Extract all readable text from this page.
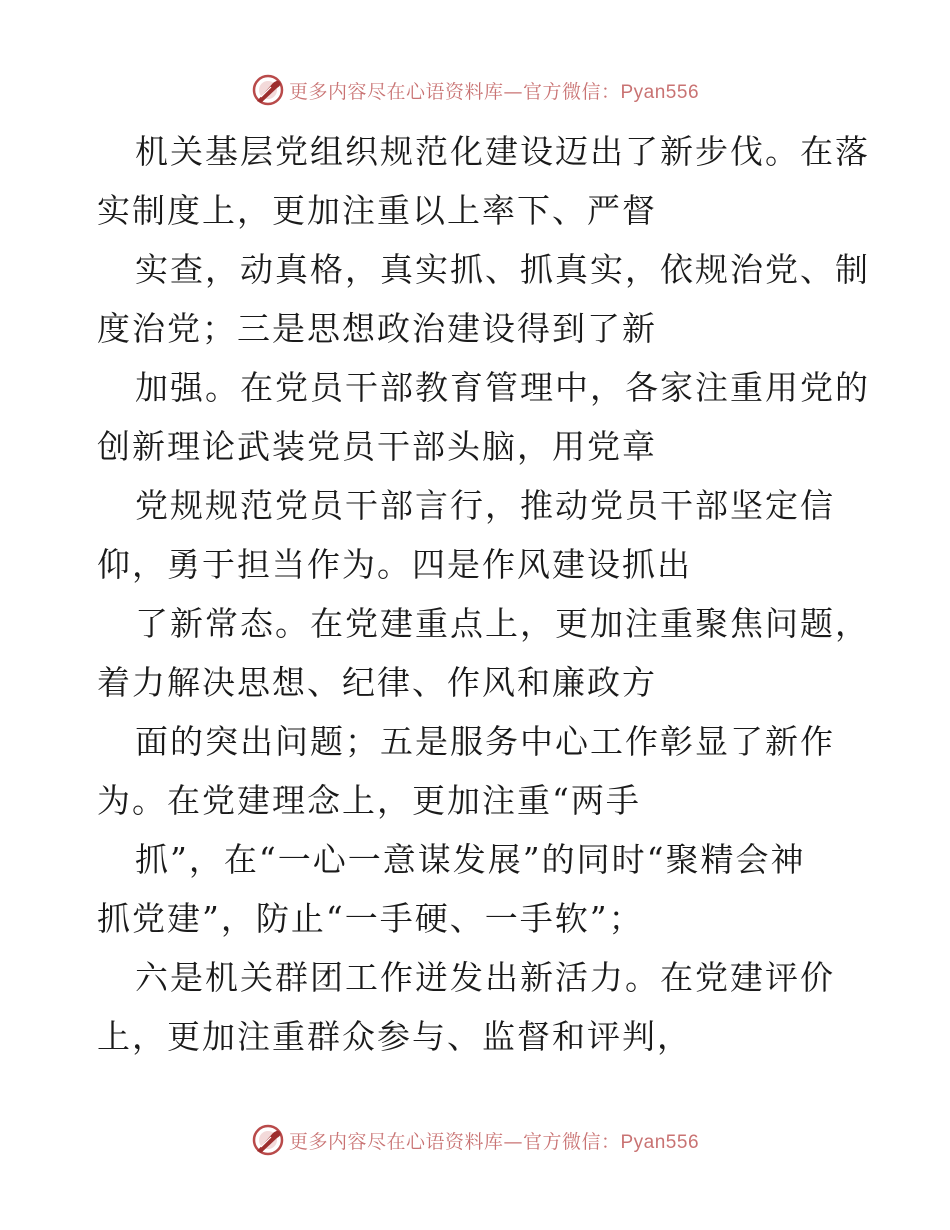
更多内容尽在心语资料库—官方微信：Pyan556

机关基层党组织规范化建设迈出了新步伐。在落
实制度上，更加注重以上率下、严督

实查，动真格，真实抓、抓真实，依规治党、制
度治党；三是思想政治建设得到了新

加强。在党员干部教育管理中，各家注重用党的
创新理论武装党员干部头脑，用党章

党规规范党员干部言行，推动党员干部坚定信
仰，勇于担当作为。四是作风建设抓出

了新常态。在党建重点上，更加注重聚焦问题，
着力解决思想、纪律、作风和廉政方

面的突出问题；五是服务中心工作彰显了新作
为。在党建理念上，更加注重“两手

抓”，在“一心一意谋发展”的同时“聚精会神
抓党建”，防止“一手硬、一手软”；

六是机关群团工作迸发出新活力。在党建评价
上，更加注重群众参与、监督和评判，

更多内容尽在心语资料库—官方微信：Pyan556
